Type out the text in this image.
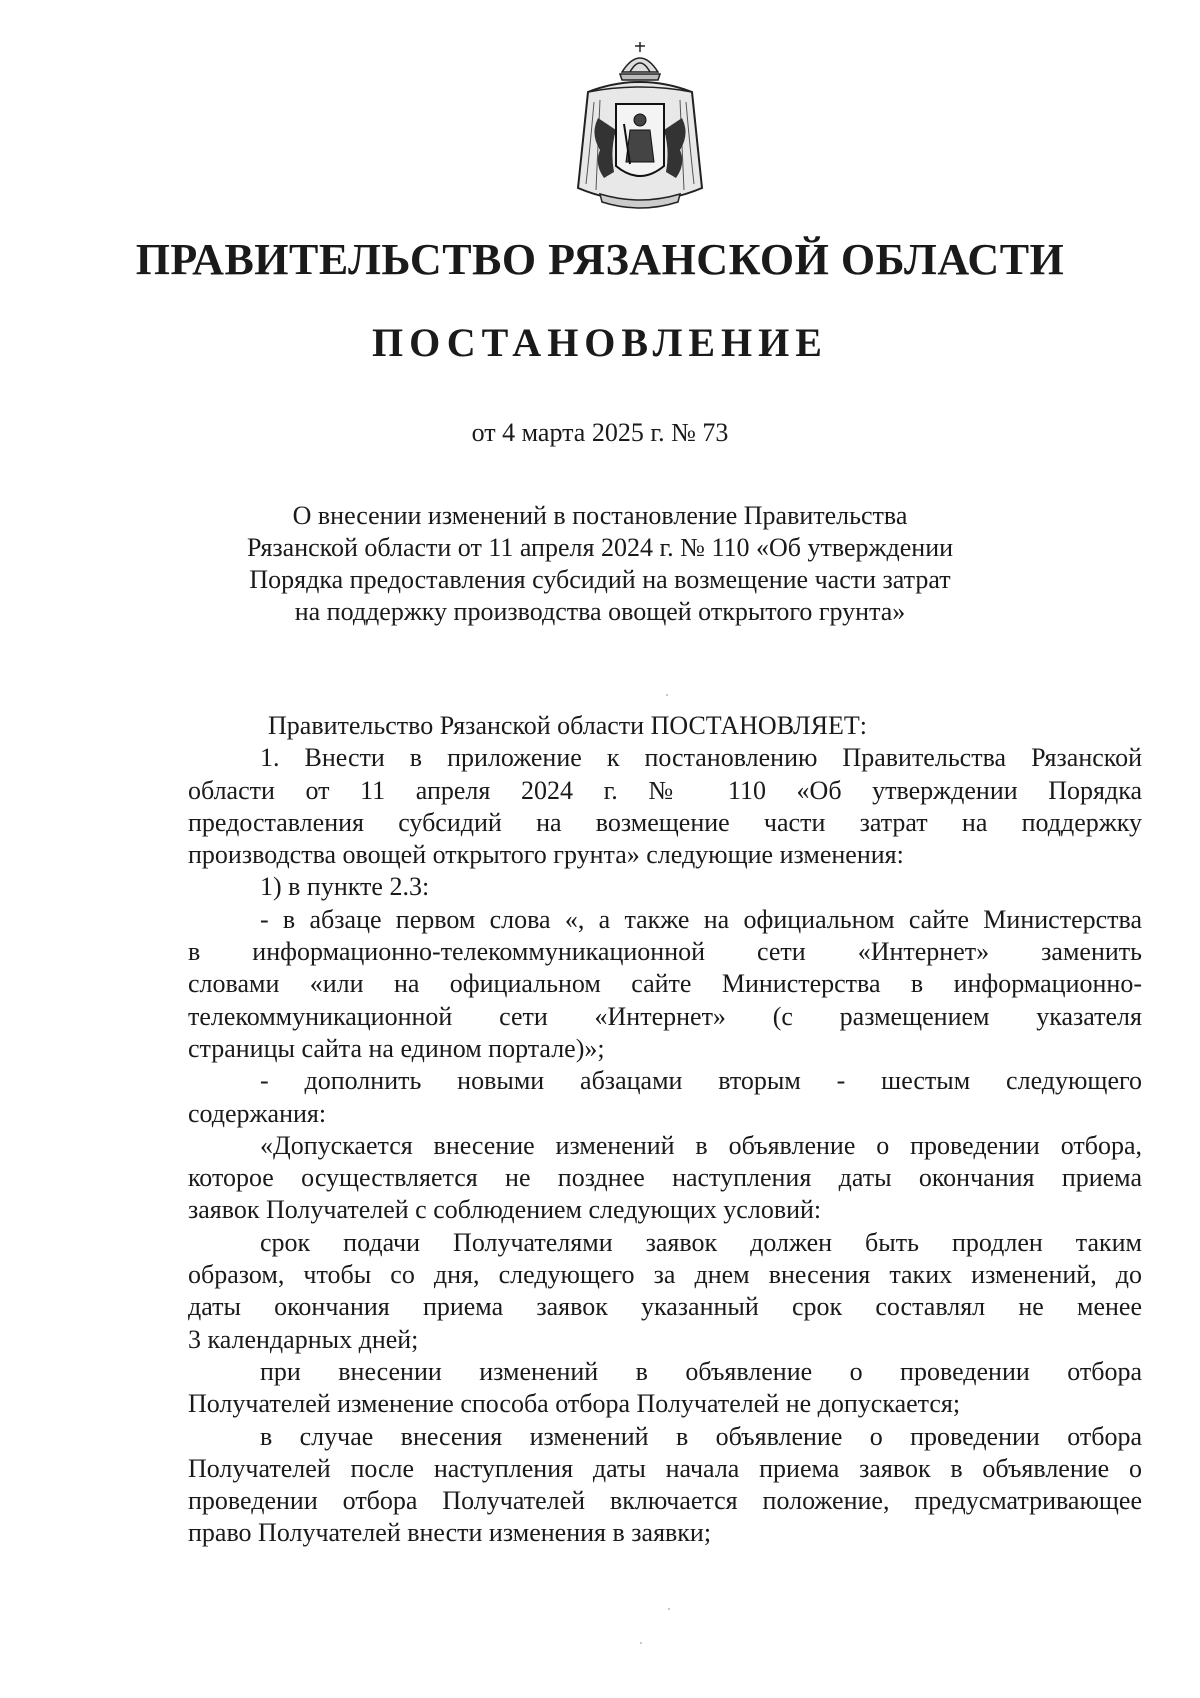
ПРАВИТЕЛЬСТВО РЯЗАНСКОЙ ОБЛАСТИ
ПОСТАНОВЛЕНИЕ
от 4 марта 2025 г. № 73
О внесении изменений в постановление Правительства
Рязанской области от 11 апреля 2024 г. № 110 «Об утверждении
Порядка предоставления субсидий на возмещение части затрат
на поддержку производства овощей открытого грунта»
Правительство Рязанской области ПОСТАНОВЛЯЕТ:
1. Внести в приложение к постановлению Правительства Рязанской
области от 11 апреля 2024 г. № 110 «Об утверждении Порядка
предоставления субсидий на возмещение части затрат на поддержку
производства овощей открытого грунта» следующие изменения:
1) в пункте 2.3:
- в абзаце первом слова «, а также на официальном сайте Министерства
в информационно-телекоммуникационной сети «Интернет» заменить
словами «или на официальном сайте Министерства в информационно-
телекоммуникационной сети «Интернет» (с размещением указателя
страницы сайта на едином портале)»;
- дополнить новыми абзацами вторым - шестым следующего
содержания:
«Допускается внесение изменений в объявление о проведении отбора,
которое осуществляется не позднее наступления даты окончания приема
заявок Получателей с соблюдением следующих условий:
срок подачи Получателями заявок должен быть продлен таким
образом, чтобы со дня, следующего за днем внесения таких изменений, до
даты окончания приема заявок указанный срок составлял не менее
3 календарных дней;
при внесении изменений в объявление о проведении отбора
Получателей изменение способа отбора Получателей не допускается;
в случае внесения изменений в объявление о проведении отбора
Получателей после наступления даты начала приема заявок в объявление о
проведении отбора Получателей включается положение, предусматривающее
право Получателей внести изменения в заявки;
